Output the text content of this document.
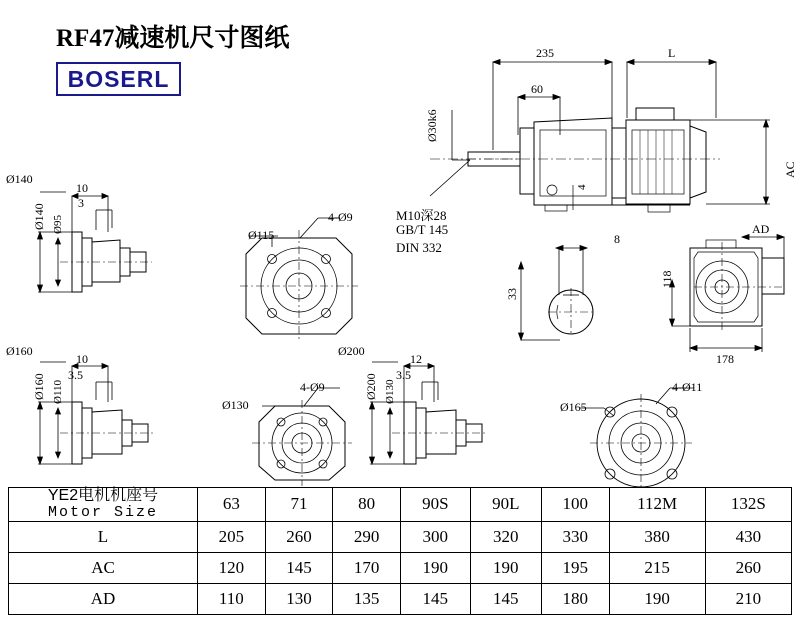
RF47减速机尺寸图纸
BOSERL
235	L
60
Ø30k6
AC
AD
4
M10深28
GB/T 145
DIN 332
8
33
118
178
Ø140
10
3
Ø140 Ø95
Ø115
4-Ø9
Ø160
10
3.5
Ø160 Ø110
Ø130
4-Ø9
Ø200
12
3.5
Ø200 Ø130	4-Ø11
Ø165
YE2电机机座号
Motor Size	63	71	80	90S	90L	100	112M	132S
L	205	260	290	300	320	330	380	430
AC	120	145	170	190	190	195	215	260
AD	110	130	135	145	145	180	190	210
